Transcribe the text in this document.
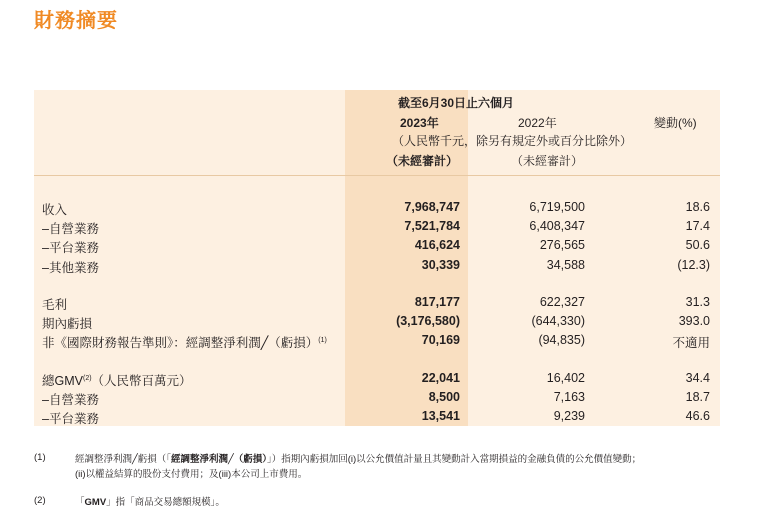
財務摘要
截至6月30日止六個月
2023年	2022年	變動(%)
（人民幣千元，除另有規定外或百分比除外）
（未經審計）	（未經審計）
收入	7,968,747	6,719,500	18.6
–自營業務	7,521,784	6,408,347	17.4
–平台業務	416,624	276,565	50.6
–其他業務	30,339	34,588	(12.3)
毛利	817,177	622,327	31.3
期內虧損	(3,176,580)	(644,330)	393.0
非《國際財務報告準則》：經調整淨利潤╱（虧損）$^{(1)}$	70,169	(94,835)	不適用
總GMV$^{(2)}$（人民幣百萬元）	22,041	16,402	34.4
–自營業務	8,500	7,163	18.7
–平台業務	13,541	9,239	46.6
(1)	經調整淨利潤╱虧損（「經調整淨利潤╱（虧損）」）指期內虧損加回(i)以公允價值計量且其變動計入當期損益的金融負債的公允價值變動；
(ii)以權益結算的股份支付費用；及(iii)本公司上市費用。
(2)	「GMV」指「商品交易總額規模」。
